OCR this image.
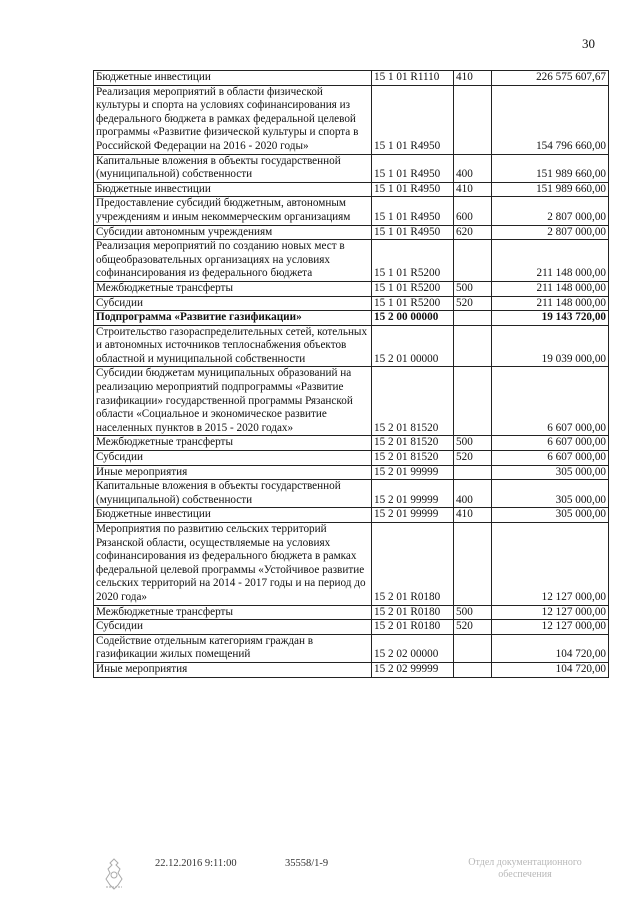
30
Бюджетные инвестиции	15 1 01 R1110	410	226 575 607,67
Реализация мероприятий в области физической культуры и спорта на условиях софинансирования из федерального бюджета в рамках федеральной целевой программы «Развитие физической культуры и спорта в Российской Федерации на 2016 - 2020 годы»	15 1 01 R4950		154 796 660,00
Капитальные вложения в объекты государственной (муниципальной) собственности	15 1 01 R4950	400	151 989 660,00
Бюджетные инвестиции	15 1 01 R4950	410	151 989 660,00
Предоставление субсидий бюджетным, автономным учреждениям и иным некоммерческим организациям	15 1 01 R4950	600	2 807 000,00
Субсидии автономным учреждениям	15 1 01 R4950	620	2 807 000,00
Реализация мероприятий по созданию новых мест в общеобразовательных организациях на условиях софинансирования из федерального бюджета	15 1 01 R5200		211 148 000,00
Межбюджетные трансферты	15 1 01 R5200	500	211 148 000,00
Субсидии	15 1 01 R5200	520	211 148 000,00
Подпрограмма «Развитие газификации»	15 2 00 00000		19 143 720,00
Строительство газораспределительных сетей, котельных и автономных источников теплоснабжения объектов областной и муниципальной собственности	15 2 01 00000		19 039 000,00
Субсидии бюджетам муниципальных образований на реализацию мероприятий подпрограммы «Развитие газификации» государственной программы Рязанской области «Социальное и экономическое развитие населенных пунктов в 2015 - 2020 годах»	15 2 01 81520		6 607 000,00
Межбюджетные трансферты	15 2 01 81520	500	6 607 000,00
Субсидии	15 2 01 81520	520	6 607 000,00
Иные мероприятия	15 2 01 99999		305 000,00
Капитальные вложения в объекты государственной (муниципальной) собственности	15 2 01 99999	400	305 000,00
Бюджетные инвестиции	15 2 01 99999	410	305 000,00
Мероприятия по развитию сельских территорий Рязанской области, осуществляемые на условиях софинансирования из федерального бюджета в рамках федеральной целевой программы «Устойчивое развитие сельских территорий на 2014 - 2017 годы и на период до 2020 года»	15 2 01 R0180		12 127 000,00
Межбюджетные трансферты	15 2 01 R0180	500	12 127 000,00
Субсидии	15 2 01 R0180	520	12 127 000,00
Содействие отдельным категориям граждан в газификации жилых помещений	15 2 02 00000		104 720,00
Иные мероприятия	15 2 02 99999		104 720,00
22.12.2016 9:11:00	35558/1-9	Отдел документационного
обеспечения
